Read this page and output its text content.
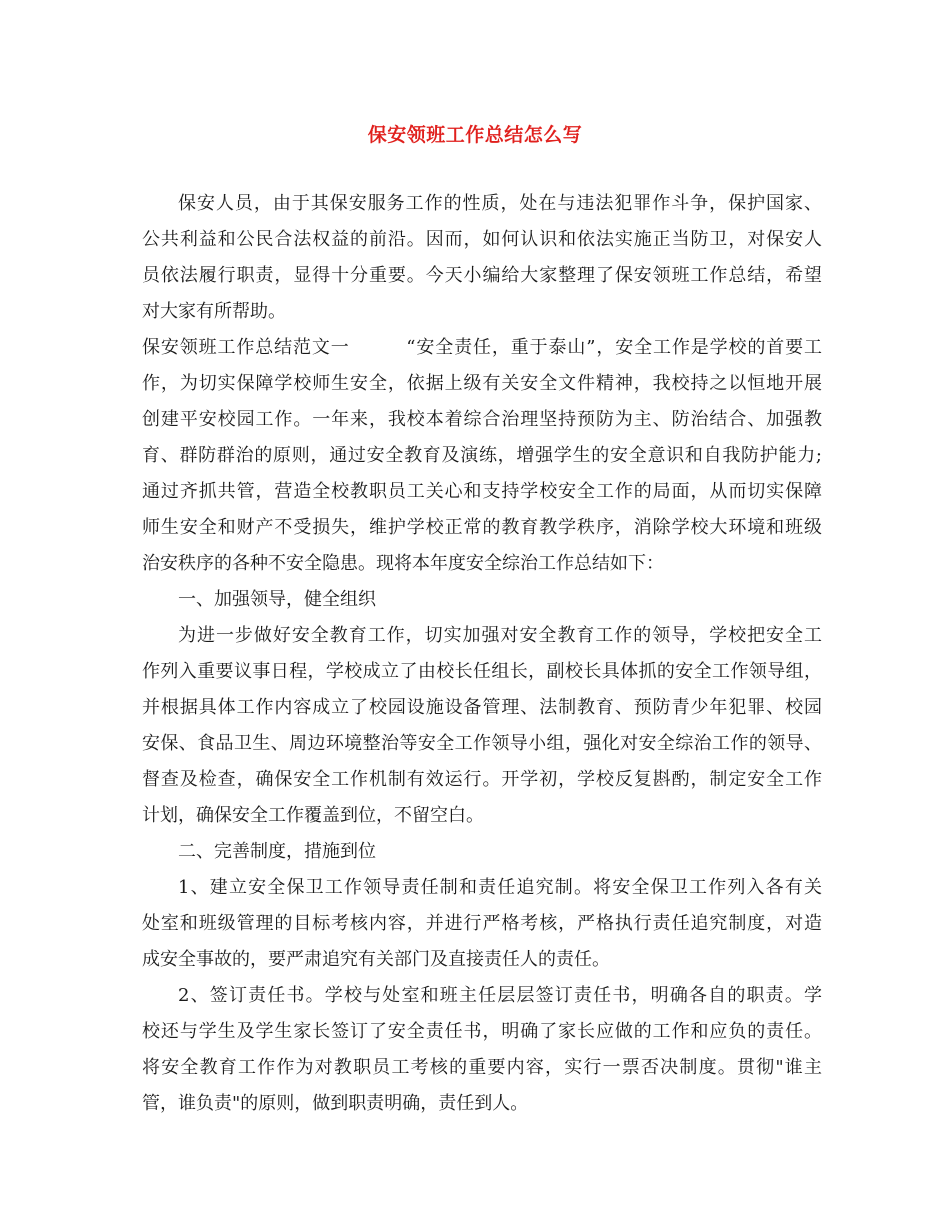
保安领班工作总结怎么写
保安人员，由于其保安服务工作的性质，处在与违法犯罪作斗争，保护国家、
公共利益和公民合法权益的前沿。因而，如何认识和依法实施正当防卫，对保安人
员依法履行职责，显得十分重要。今天小编给大家整理了保安领班工作总结，希望
对大家有所帮助。
保安领班工作总结范文一　　　“安全责任，重于泰山”，安全工作是学校的首要工
作，为切实保障学校师生安全，依据上级有关安全文件精神，我校持之以恒地开展
创建平安校园工作。一年来，我校本着综合治理坚持预防为主、防治结合、加强教
育、群防群治的原则，通过安全教育及演练，增强学生的安全意识和自我防护能力;
通过齐抓共管，营造全校教职员工关心和支持学校安全工作的局面，从而切实保障
师生安全和财产不受损失，维护学校正常的教育教学秩序，消除学校大环境和班级
治安秩序的各种不安全隐患。现将本年度安全综治工作总结如下：
一、加强领导，健全组织
为进一步做好安全教育工作，切实加强对安全教育工作的领导，学校把安全工
作列入重要议事日程，学校成立了由校长任组长，副校长具体抓的安全工作领导组，
并根据具体工作内容成立了校园设施设备管理、法制教育、预防青少年犯罪、校园
安保、食品卫生、周边环境整治等安全工作领导小组，强化对安全综治工作的领导、
督查及检查，确保安全工作机制有效运行。开学初，学校反复斟酌，制定安全工作
计划，确保安全工作覆盖到位，不留空白。
二、完善制度，措施到位
1、建立安全保卫工作领导责任制和责任追究制。将安全保卫工作列入各有关
处室和班级管理的目标考核内容，并进行严格考核，严格执行责任追究制度，对造
成安全事故的，要严肃追究有关部门及直接责任人的责任。
2、签订责任书。学校与处室和班主任层层签订责任书，明确各自的职责。学
校还与学生及学生家长签订了安全责任书，明确了家长应做的工作和应负的责任。
将安全教育工作作为对教职员工考核的重要内容，实行一票否决制度。贯彻"谁主
管，谁负责"的原则，做到职责明确，责任到人。
